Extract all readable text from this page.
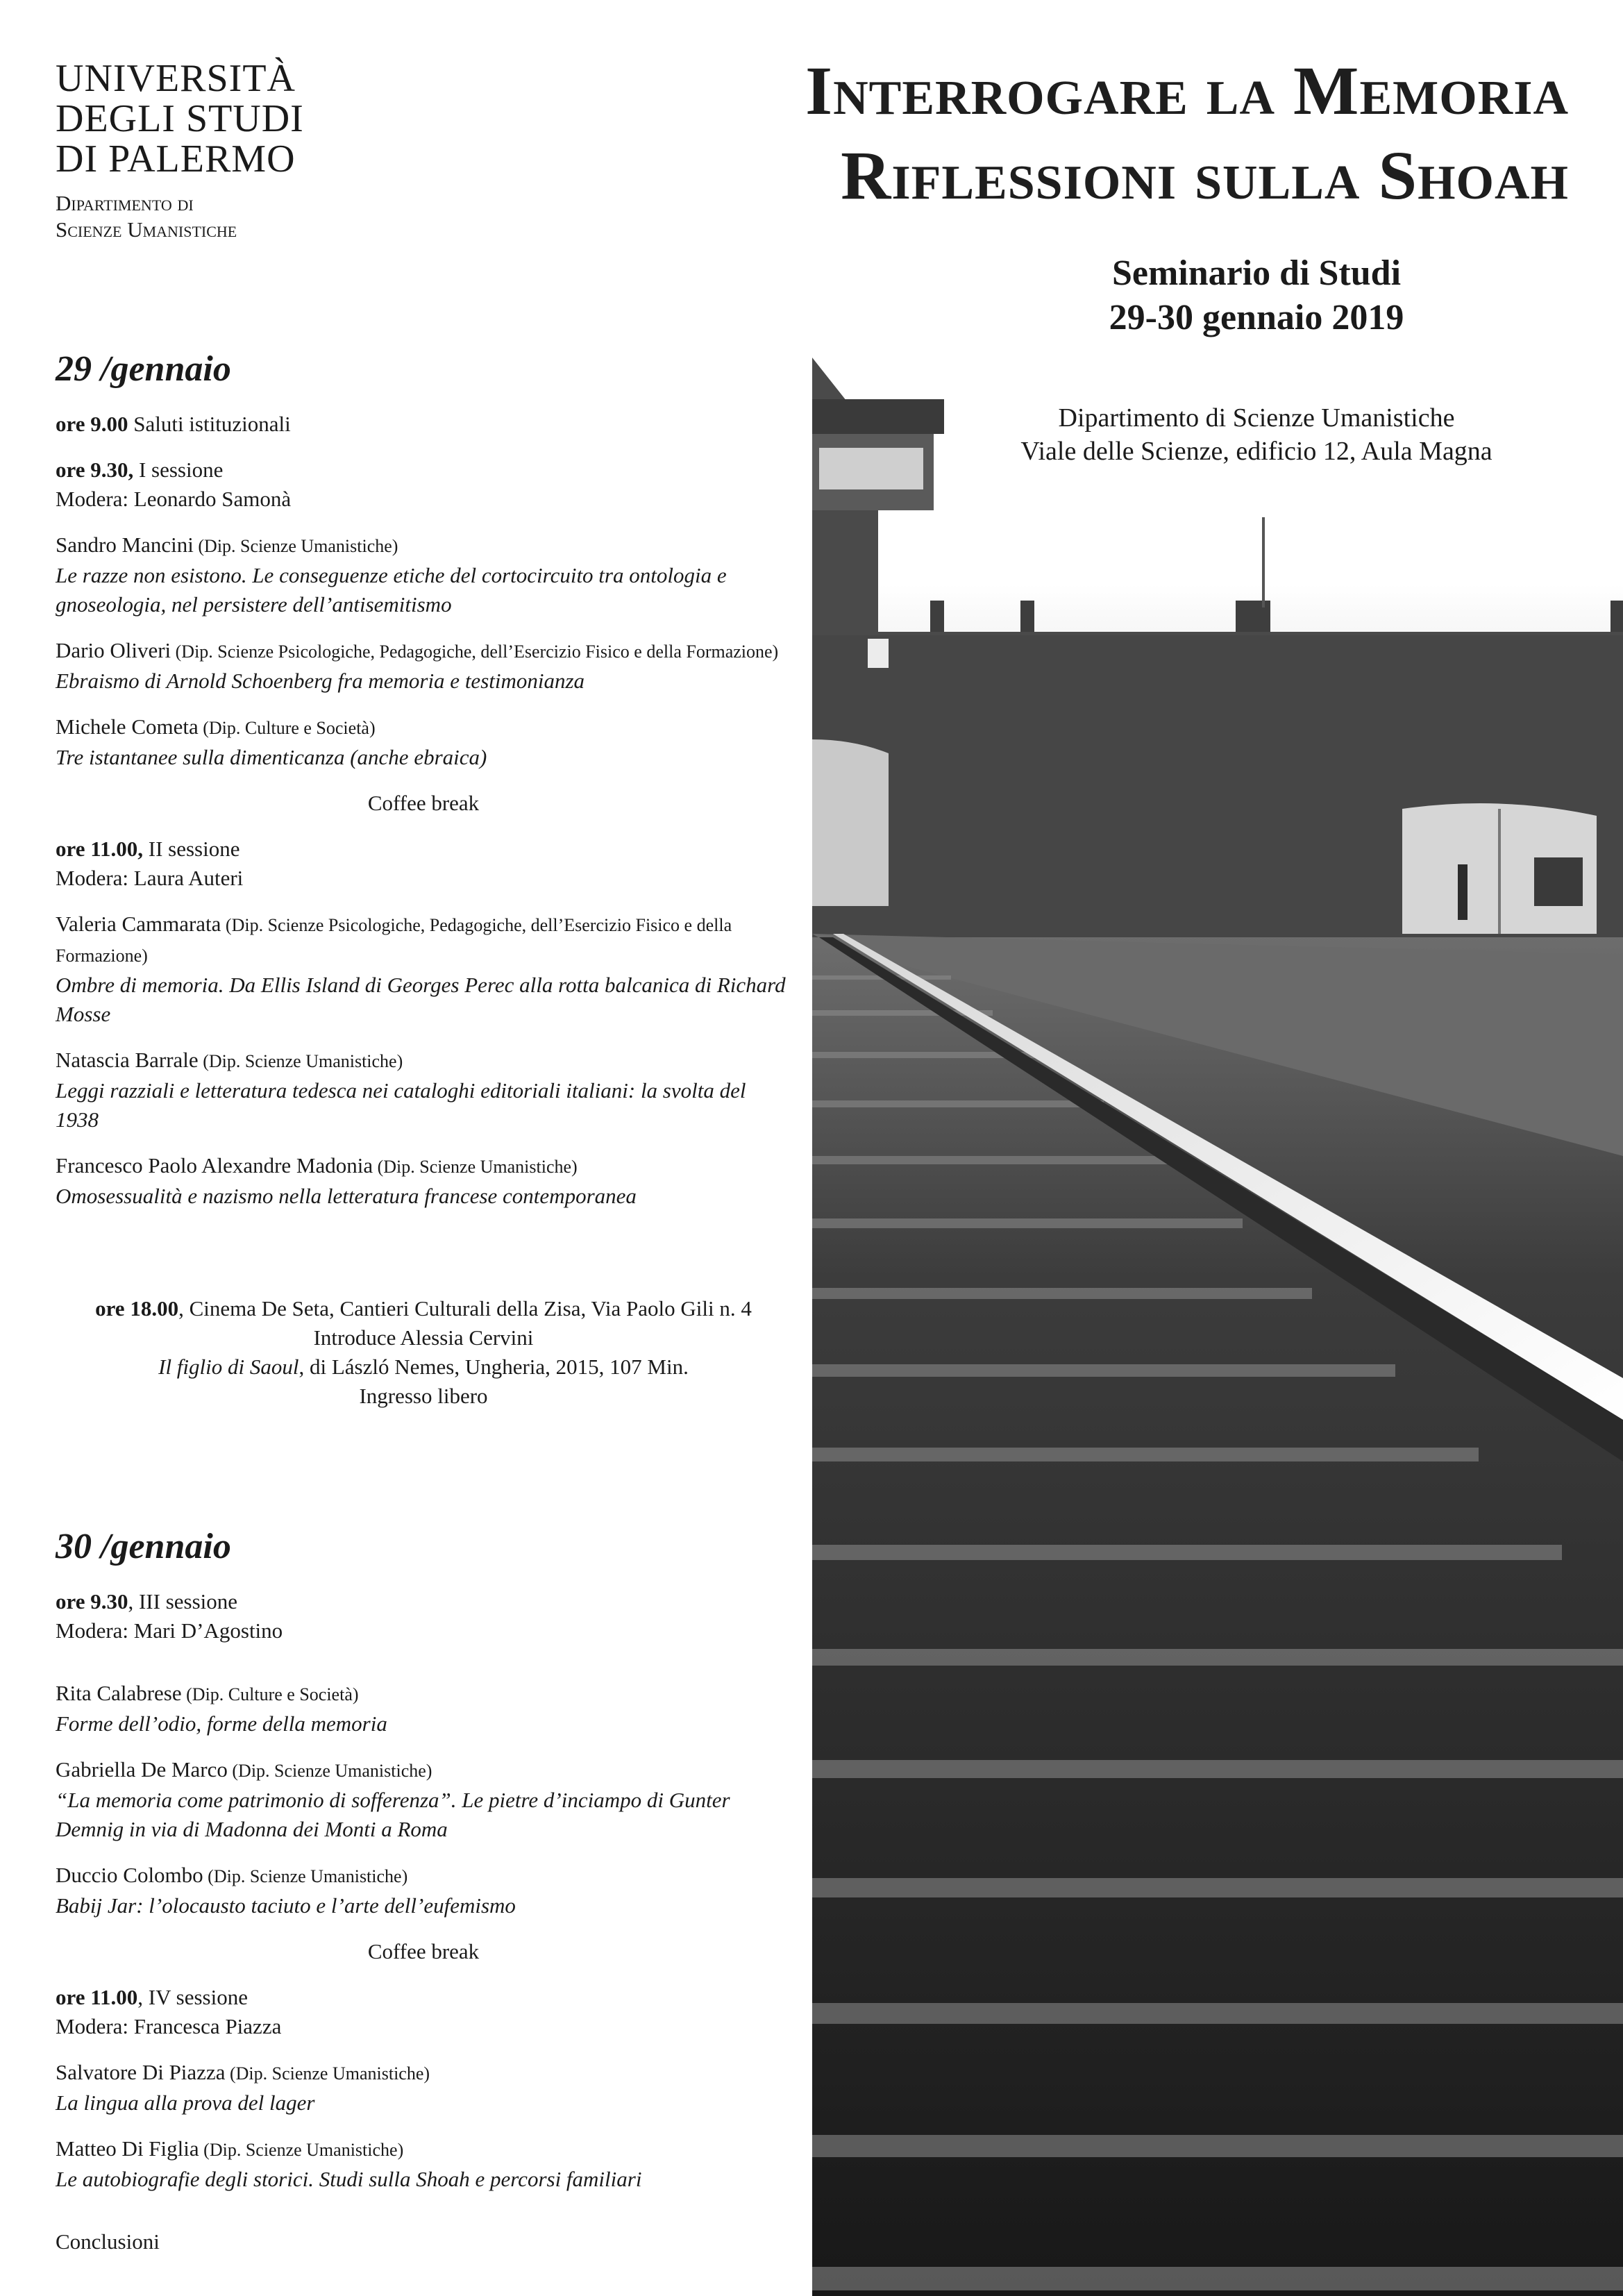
UNIVERSITÀ
DEGLI STUDI
DI PALERMO
Dipartimento di
Scienze Umanistiche
Interrogare la Memoria
Riflessioni sulla Shoah
Seminario di Studi
29-30 gennaio 2019
Dipartimento di Scienze Umanistiche
Viale delle Scienze, edificio 12, Aula Magna
29 /gennaio

ore 9.00 Saluti istituzionali

ore 9.30, I sessione

Modera: Leonardo Samonà

Sandro Mancini (Dip. Scienze Umanistiche)

Le razze non esistono. Le conseguenze etiche del cortocircuito tra ontologia e gnoseologia, nel persistere dell’antisemitismo

Dario Oliveri (Dip. Scienze Psicologiche, Pedagogiche, dell’Esercizio Fisico e della Formazione)

Ebraismo di Arnold Schoenberg fra memoria e testimonianza

Michele Cometa (Dip. Culture e Società)

Tre istantanee sulla dimenticanza (anche ebraica)

Coffee break

ore 11.00, II sessione

Modera: Laura Auteri

Valeria Cammarata (Dip. Scienze Psicologiche, Pedagogiche, dell’Esercizio Fisico e della Formazione)

Ombre di memoria. Da Ellis Island di Georges Perec alla rotta balcanica di Richard Mosse

Natascia Barrale (Dip. Scienze Umanistiche)

Leggi razziali e letteratura tedesca nei cataloghi editoriali italiani: la svolta del 1938

Francesco Paolo Alexandre Madonia (Dip. Scienze Umanistiche)

Omosessualità e nazismo nella letteratura francese contemporanea

ore 18.00, Cinema De Seta, Cantieri Culturali della Zisa, Via Paolo Gili n. 4

Introduce Alessia Cervini

Il figlio di Saoul, di László Nemes, Ungheria, 2015, 107 Min.

Ingresso libero

30 /gennaio

ore 9.30, III sessione

Modera: Mari D’Agostino

Rita Calabrese (Dip. Culture e Società)

Forme dell’odio, forme della memoria

Gabriella De Marco (Dip. Scienze Umanistiche)

“La memoria come patrimonio di sofferenza”. Le pietre d’inciampo di Gunter Demnig in via di Madonna dei Monti a Roma

Duccio Colombo (Dip. Scienze Umanistiche)

Babij Jar: l’olocausto taciuto e l’arte dell’eufemismo

Coffee break

ore 11.00, IV sessione

Modera: Francesca Piazza

Salvatore Di Piazza (Dip. Scienze Umanistiche)

La lingua alla prova del lager

Matteo Di Figlia (Dip. Scienze Umanistiche)

Le autobiografie degli storici. Studi sulla Shoah e percorsi familiari

Conclusioni
